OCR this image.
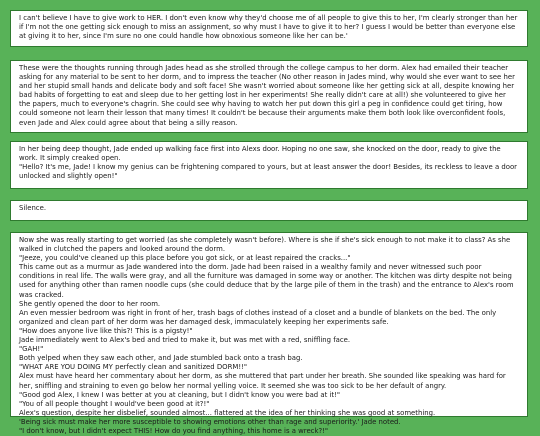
I can't believe I have to give work to HER. I don't even know why they'd choose me of all people to give this to her, I'm clearly stronger than her if I'm not the one getting sick enough to miss an assignment, so why must I have to give it to her? I guess I would be better than everyone else at giving it to her, since I'm sure no one could handle how obnoxious someone like her can be.'

These were the thoughts running through Jades head as she strolled through the college campus to her dorm. Alex had emailed their teacher asking for any material to be sent to her dorm, and to impress the teacher (No other reason in Jades mind, why would she ever want to see her and her stupid small hands and delicate body and soft face! She wasn't worried about someone like her getting sick at all, despite knowing her bad habits of forgetting to eat and sleep due to her getting lost in her experiments! She really didn't care at all!) she volunteered to give her the papers, much to everyone's chagrin. She could see why having to watch her put down this girl a peg in confidence could get tiring, how could someone not learn their lesson that many times! It couldn't be because their arguments make them both look like overconfident fools, even Jade and Alex could agree about that being a silly reason.

In her being deep thought, Jade ended up walking face first into Alexs door. Hoping no one saw, she knocked on the door, ready to give the work. It simply creaked open.

"Hello? It's me, Jade! I know my genius can be frightening compared to yours, but at least answer the door! Besides, its reckless to leave a door unlocked and slightly open!"

Silence.

Now she was really starting to get worried (as she completely wasn't before). Where is she if she's sick enough to not make it to class? As she walked in clutched the papers and looked around the dorm.

"Jeeze, you could've cleaned up this place before you got sick, or at least repaired the cracks..."

This came out as a murmur as Jade wandered into the dorm. Jade had been raised in a wealthy family and never witnessed such poor conditions in real life. The walls were gray, and all the furniture was damaged in some way or another. The kitchen was dirty despite not being used for anything other than ramen noodle cups (she could deduce that by the large pile of them in the trash) and the entrance to Alex's room was cracked.

She gently opened the door to her room.

An even messier bedroom was right in front of her, trash bags of clothes instead of a closet and a bundle of blankets on the bed. The only organized and clean part of her dorm was her damaged desk, immaculately keeping her experiments safe.

"How does anyone live like this?! This is a pigsty!"

Jade immediately went to Alex's bed and tried to make it, but was met with a red, sniffling face.

"GAH!"

Both yelped when they saw each other, and Jade stumbled back onto a trash bag.

"WHAT ARE YOU DOING MY perfectly clean and sanitized DORM!!"

Alex must have heard her commentary about her dorm, as she muttered that part under her breath. She sounded like speaking was hard for her, sniffling and straining to even go below her normal yelling voice. It seemed she was too sick to be her default of angry.

"Good god Alex, I knew I was better at you at cleaning, but I didn't know you were bad at it!"

"You of all people thought I would've been good at it?!"

Alex's question, despite her disbelief, sounded almost... flattered at the idea of her thinking she was good at something.

'Being sick must make her more susceptible to showing emotions other than rage and superiority.' Jade noted.

"I don't know, but I didn't expect THIS! How do you find anything, this home is a wreck?!"
